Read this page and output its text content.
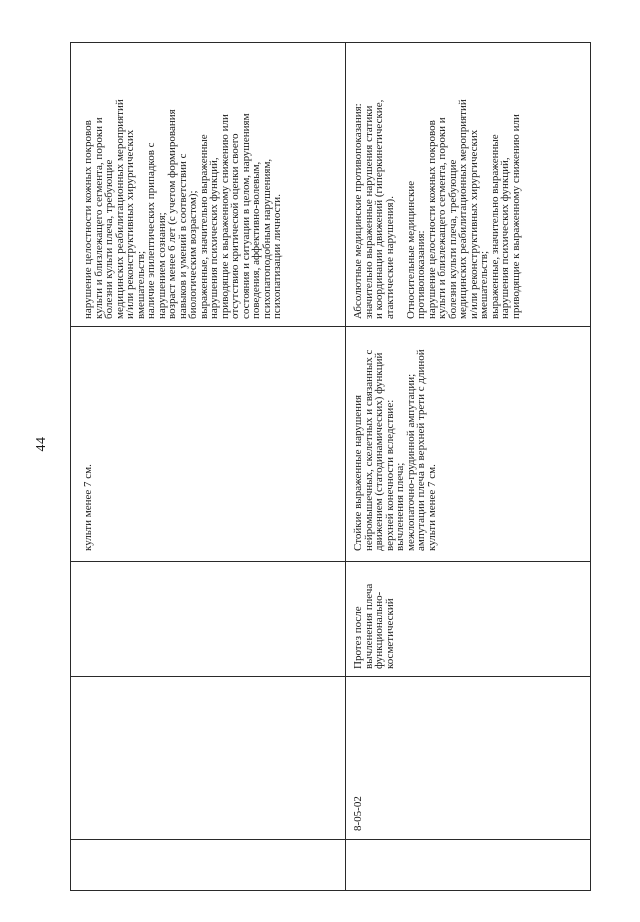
44
культи менее 7 см.
нарушение целостности кожных покровов
культи и близлежащего сегмента, пороки и
болезни культи плеча, требующие
медицинских реабилитационных мероприятий
и/или реконструктивных хирургических
вмешательств;
наличие эпилептических припадков с
нарушением сознания;
возраст менее 6 лет (с учетом формирования
навыков и умений в соответствии с
биологическим возрастом);
выраженные, значительно выраженные
нарушения психических функций,
приводящие к выраженному снижению или
отсутствию критической оценки своего
состояния и ситуации в целом, нарушениям
поведения, аффективно-волевым,
психопатоподобным нарушениям,
психопатизации личности.
8-05-02
Протез после
вычленения плеча
функционально-
косметический
Стойкие выраженные нарушения
нейромышечных, скелетных и связанных с
движением (статодинамических) функций
верхней конечности вследствие:
вычленения плеча;
межлопаточно-грудинной ампутации;
ампутации плеча в верхней трети с длиной
культи менее 7 см.
Абсолютные медицинские противопоказания:
значительно выраженные нарушения статики
и координации движений (гиперкинетические,
атактические нарушения). Относительные медицинские
противопоказания:
нарушение целостности кожных покровов
культи и близлежащего сегмента, пороки и
болезни культи плеча, требующие
медицинских реабилитационных мероприятий
и/или реконструктивных хирургических
вмешательств;
выраженные, значительно выраженные
нарушения психических функций,
приводящие к выраженному снижению или
